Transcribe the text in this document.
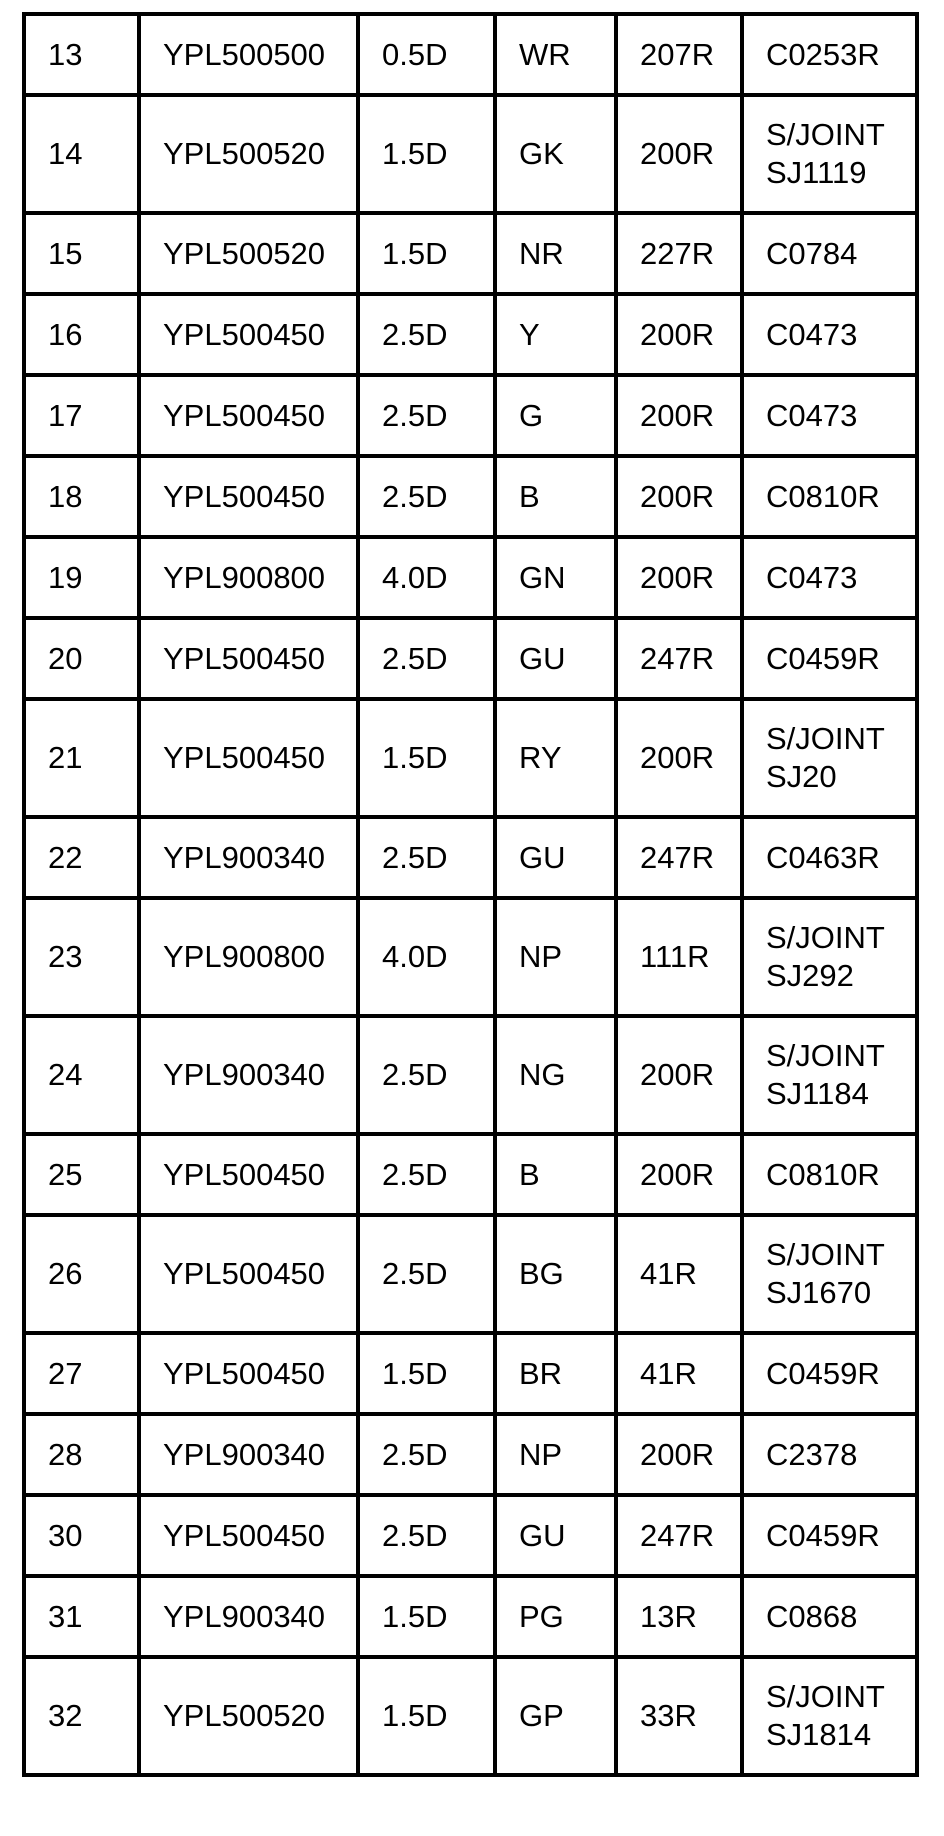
13	YPL500500	0.5D	WR	207R	C0253R

14	YPL500520	1.5D	GK	200R	S/JOINT
SJ1119

15	YPL500520	1.5D	NR	227R	C0784

16	YPL500450	2.5D	Y	200R	C0473

17	YPL500450	2.5D	G	200R	C0473

18	YPL500450	2.5D	B	200R	C0810R

19	YPL900800	4.0D	GN	200R	C0473

20	YPL500450	2.5D	GU	247R	C0459R

21	YPL500450	1.5D	RY	200R	S/JOINT
SJ20

22	YPL900340	2.5D	GU	247R	C0463R

23	YPL900800	4.0D	NP	111R	S/JOINT
SJ292

24	YPL900340	2.5D	NG	200R	S/JOINT
SJ1184

25	YPL500450	2.5D	B	200R	C0810R

26	YPL500450	2.5D	BG	41R	S/JOINT
SJ1670

27	YPL500450	1.5D	BR	41R	C0459R

28	YPL900340	2.5D	NP	200R	C2378

30	YPL500450	2.5D	GU	247R	C0459R

31	YPL900340	1.5D	PG	13R	C0868

32	YPL500520	1.5D	GP	33R	S/JOINT
SJ1814
